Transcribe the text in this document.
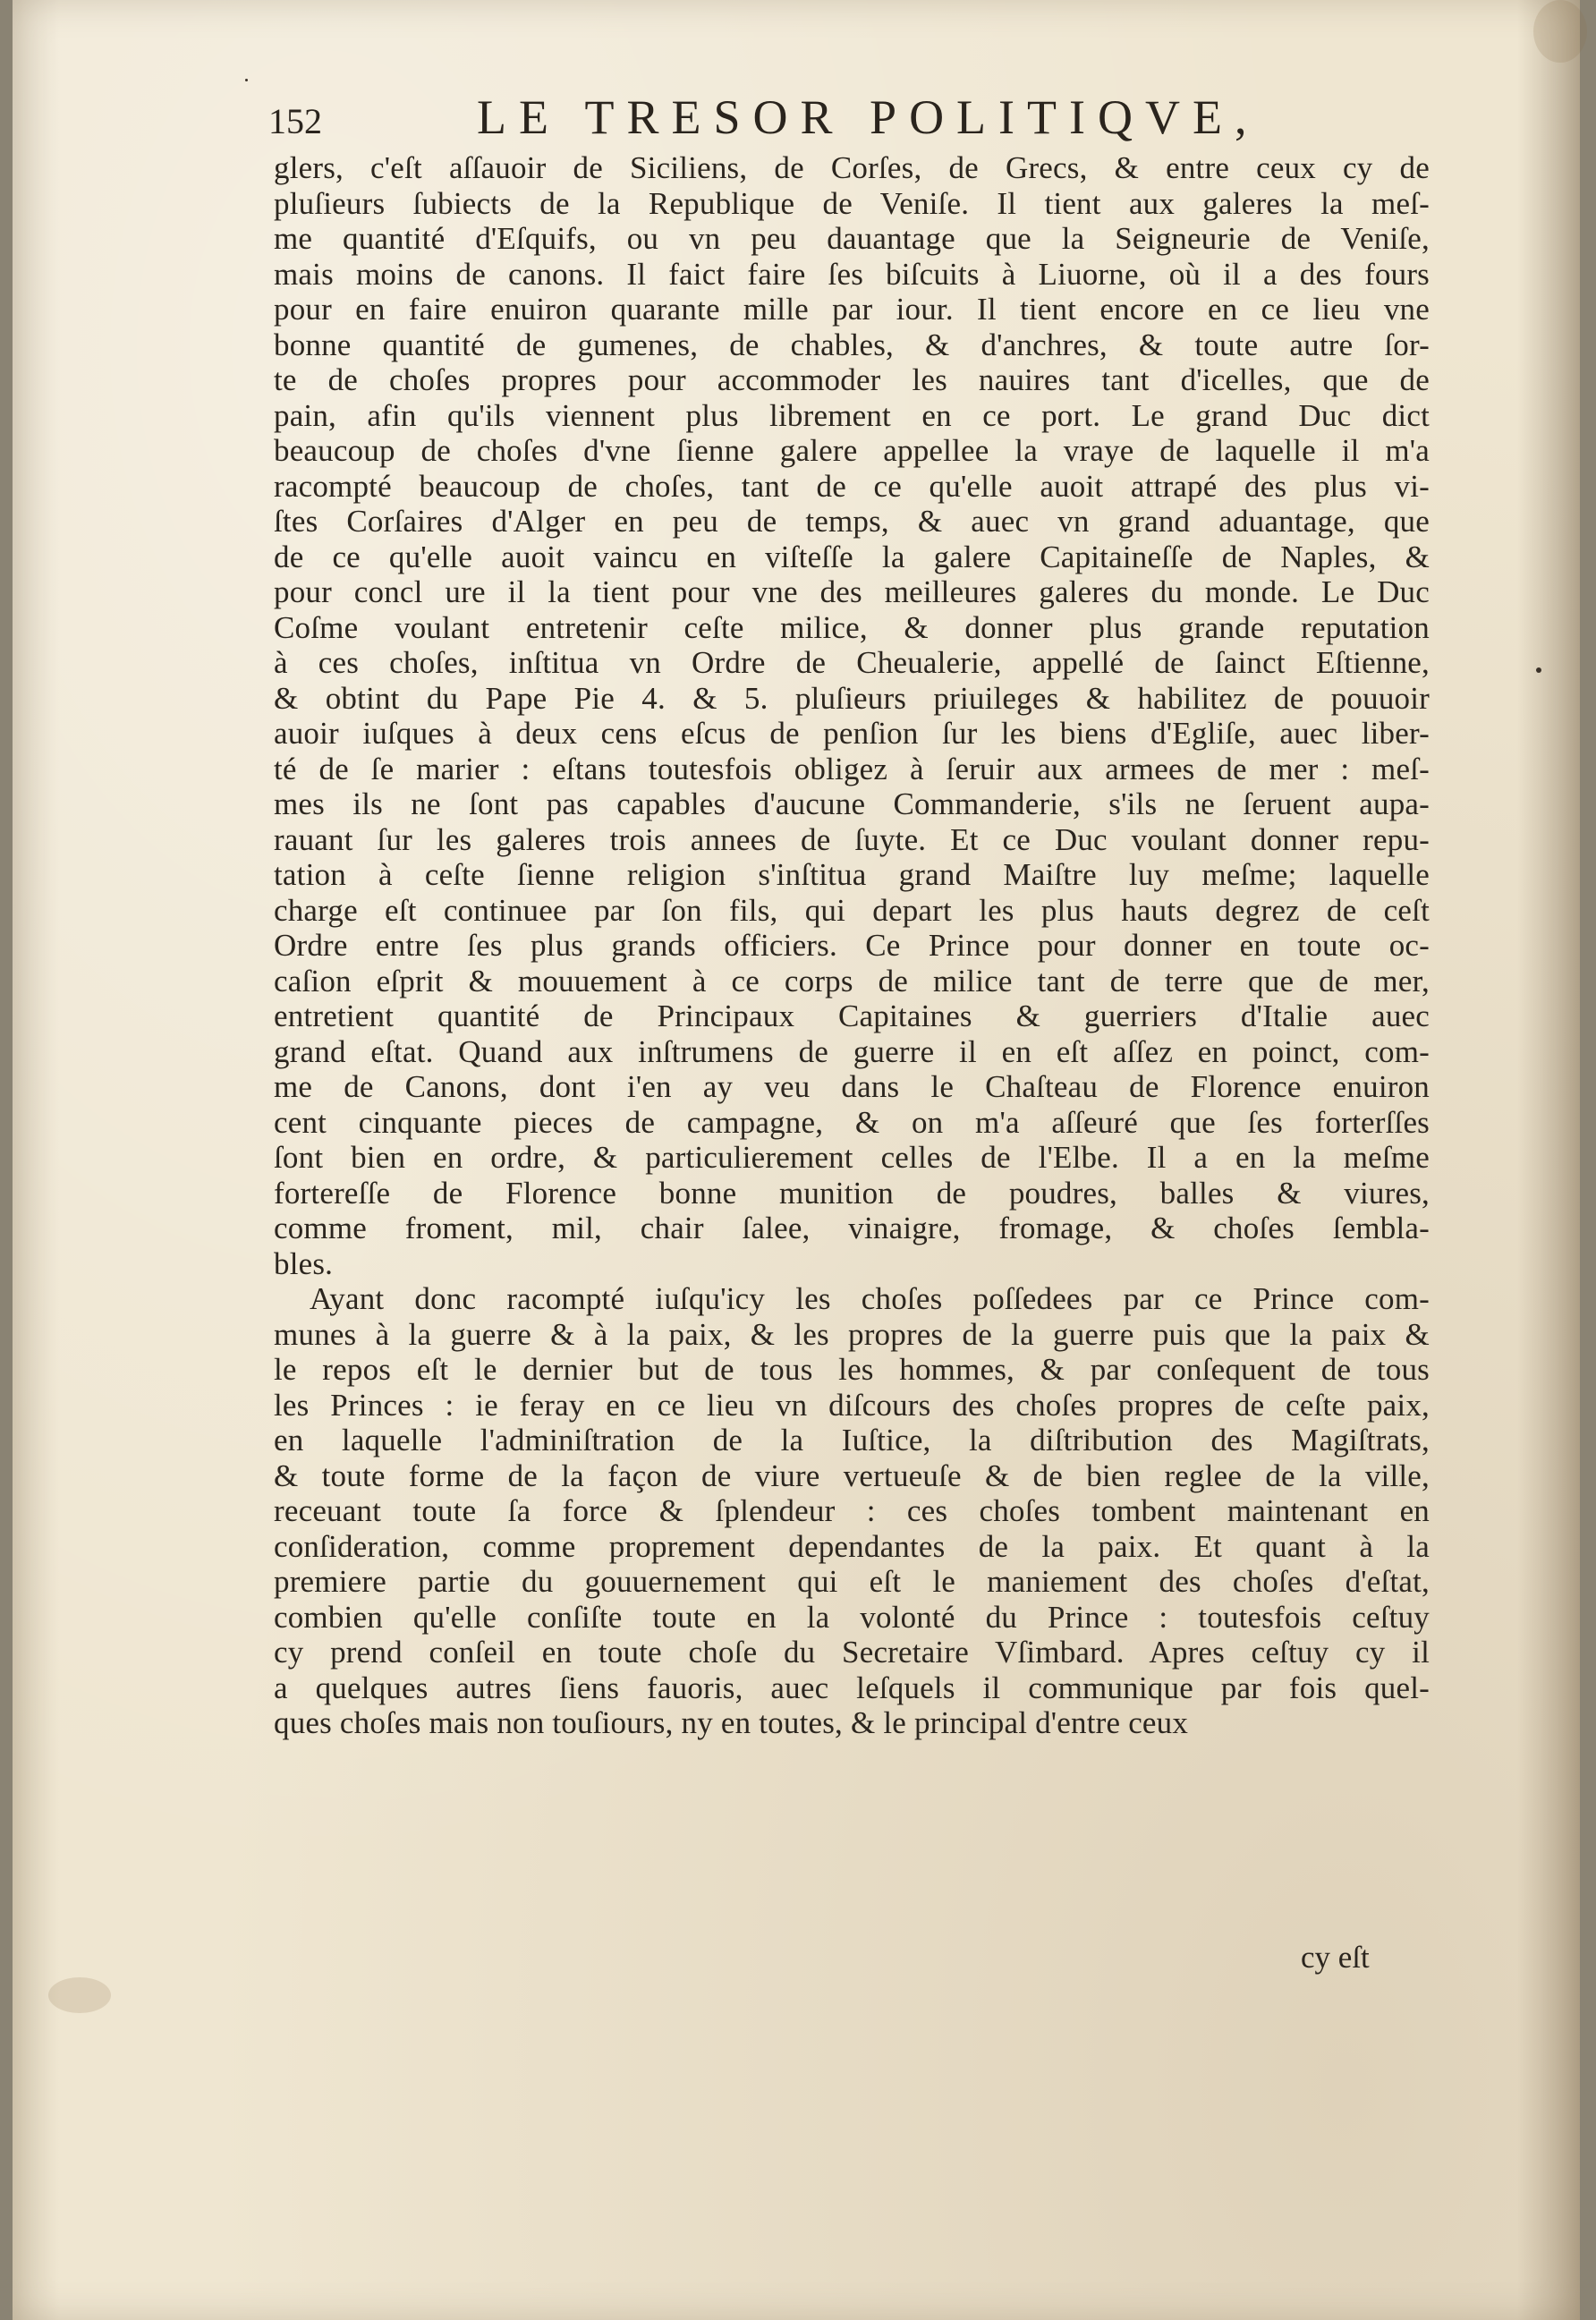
152	LE TRESOR POLITIQVE,
glers, c'eſt aſſauoir de Siciliens, de Corſes, de Grecs, & entre ceux cy de
pluſieurs ſubiects de la Republique de Veniſe. Il tient aux galeres la meſ-
me quantité d'Eſquifs, ou vn peu dauantage que la Seigneurie de Veniſe,
mais moins de canons. Il faict faire ſes biſcuits à Liuorne, où il a des fours
pour en faire enuiron quarante mille par iour. Il tient encore en ce lieu vne
bonne quantité de gumenes, de chables, & d'anchres, & toute autre ſor-
te de choſes propres pour accommoder les nauires tant d'icelles, que de
pain, afin qu'ils viennent plus librement en ce port. Le grand Duc dict
beaucoup de choſes d'vne ſienne galere appellee la vraye de laquelle il m'a
racompté beaucoup de choſes, tant de ce qu'elle auoit attrapé des plus vi-
ſtes Corſaires d'Alger en peu de temps, & auec vn grand aduantage, que
de ce qu'elle auoit vaincu en viſteſſe la galere Capitaineſſe de Naples, &
pour concl ure il la tient pour vne des meilleures galeres du monde. Le Duc
Coſme voulant entretenir ceſte milice, & donner plus grande reputation
à ces choſes, inſtitua vn Ordre de Cheualerie, appellé de ſainct Eſtienne,
& obtint du Pape Pie 4. & 5. pluſieurs priuileges & habilitez de pouuoir
auoir iuſques à deux cens eſcus de penſion ſur les biens d'Egliſe, auec liber-
té de ſe marier : eſtans toutesfois obligez à ſeruir aux armees de mer : meſ-
mes ils ne ſont pas capables d'aucune Commanderie, s'ils ne ſeruent aupa-
rauant ſur les galeres trois annees de ſuyte. Et ce Duc voulant donner repu-
tation à ceſte ſienne religion s'inſtitua grand Maiſtre luy meſme; laquelle
charge eſt continuee par ſon fils, qui depart les plus hauts degrez de ceſt
Ordre entre ſes plus grands officiers. Ce Prince pour donner en toute oc-
caſion eſprit & mouuement à ce corps de milice tant de terre que de mer,
entretient quantité de Principaux Capitaines & guerriers d'Italie auec
grand eſtat. Quand aux inſtrumens de guerre il en eſt aſſez en poinct, com-
me de Canons, dont i'en ay veu dans le Chaſteau de Florence enuiron
cent cinquante pieces de campagne, & on m'a aſſeuré que ſes forterſſes
ſont bien en ordre, & particulierement celles de l'Elbe. Il a en la meſme
fortereſſe de Florence bonne munition de poudres, balles & viures,
comme froment, mil, chair ſalee, vinaigre, fromage, & choſes ſembla-
bles.
Ayant donc racompté iuſqu'icy les choſes poſſedees par ce Prince com-
munes à la guerre & à la paix, & les propres de la guerre puis que la paix &
le repos eſt le dernier but de tous les hommes, & par conſequent de tous
les Princes : ie feray en ce lieu vn diſcours des choſes propres de ceſte paix,
en laquelle l'adminiſtration de la Iuſtice, la diſtribution des Magiſtrats,
& toute forme de la façon de viure vertueuſe & de bien reglee de la ville,
receuant toute ſa force & ſplendeur : ces choſes tombent maintenant en
conſideration, comme proprement dependantes de la paix. Et quant à la
premiere partie du gouuernement qui eſt le maniement des choſes d'eſtat,
combien qu'elle conſiſte toute en la volonté du Prince : toutesfois ceſtuy
cy prend conſeil en toute choſe du Secretaire Vſimbard. Apres ceſtuy cy il
a quelques autres ſiens fauoris, auec leſquels il communique par fois quel-
ques choſes mais non touſiours, ny en toutes, & le principal d'entre ceux
cy eſt
